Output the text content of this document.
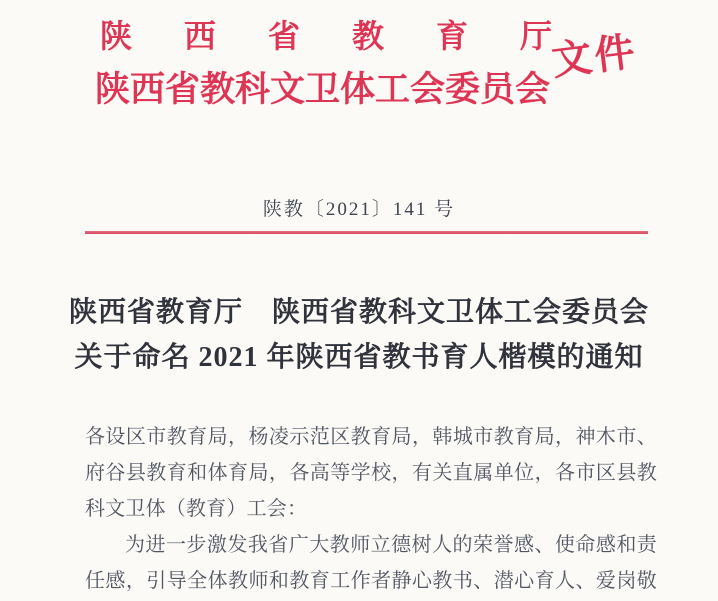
陕西省教育厅
陕西省教科文卫体工会委员会
文件
陕教〔2021〕141 号
陕西省教育厅　陕西省教科文卫体工会委员会
关于命名 2021 年陕西省教书育人楷模的通知
各设区市教育局，杨凌示范区教育局，韩城市教育局，神木市、
府谷县教育和体育局，各高等学校，有关直属单位，各市区县教
科文卫体（教育）工会：
为进一步激发我省广大教师立德树人的荣誉感、使命感和责
任感，引导全体教师和教育工作者静心教书、潜心育人、爱岗敬
